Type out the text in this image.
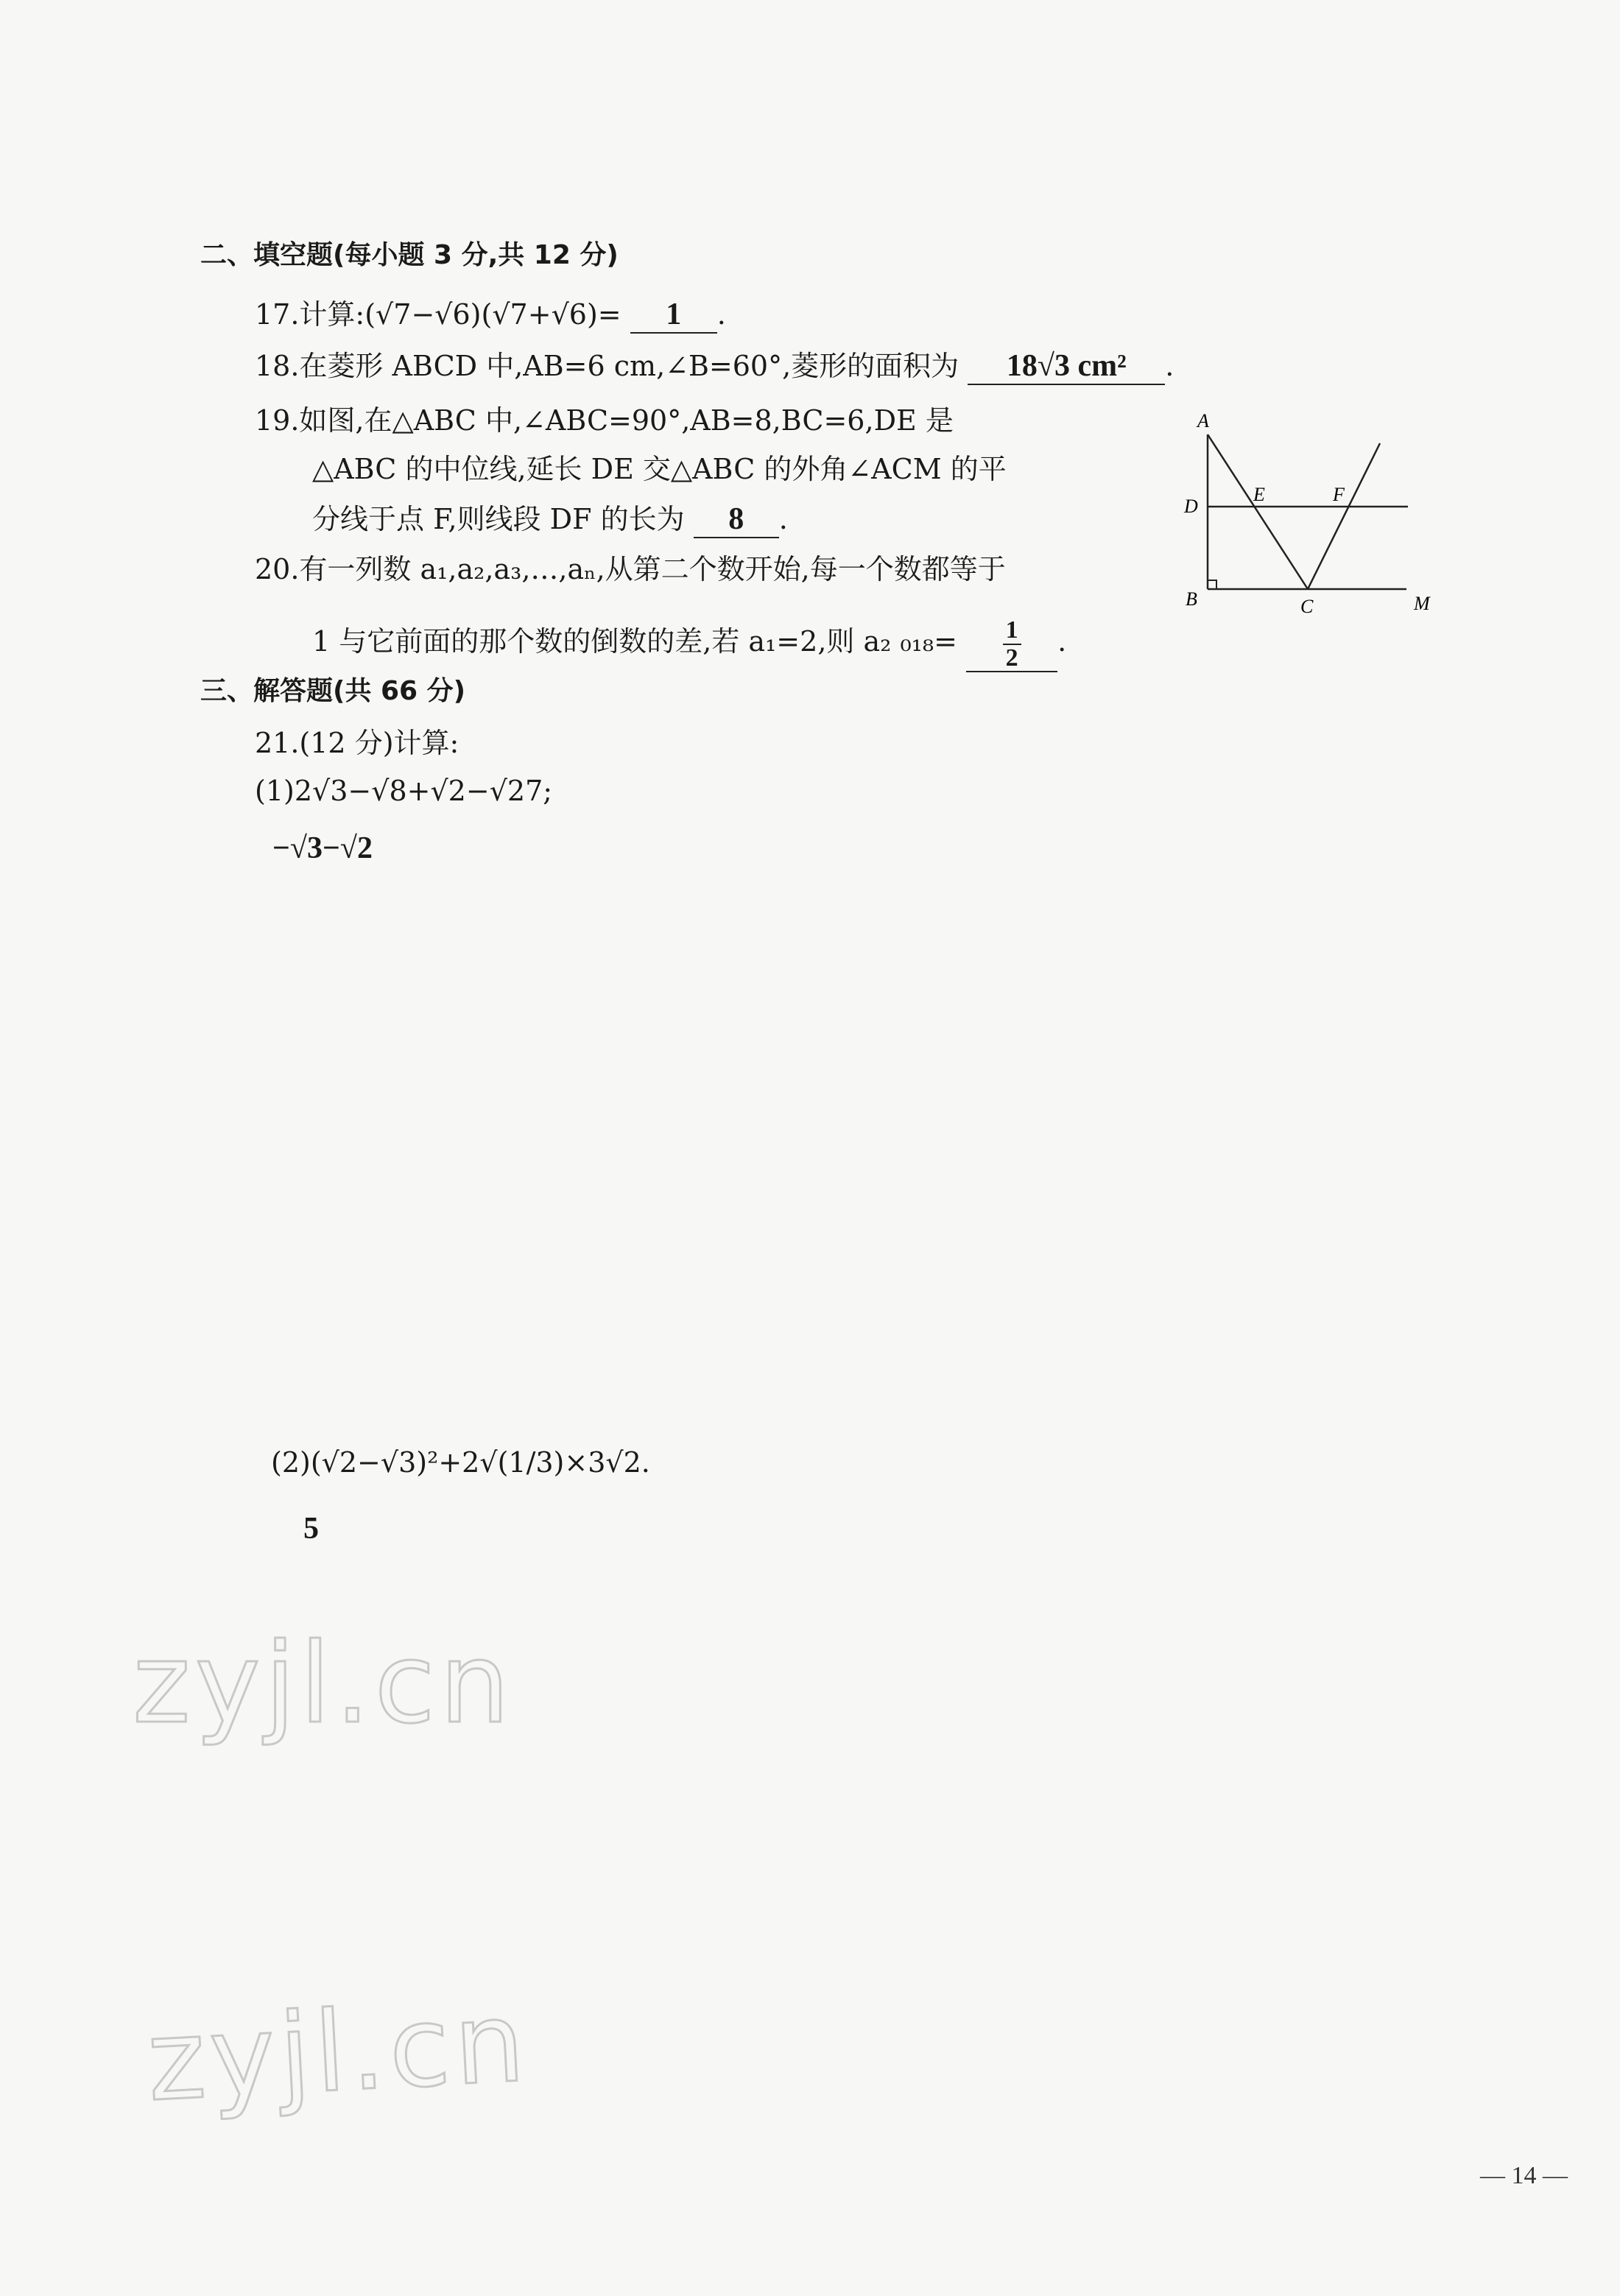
二、填空题(每小题 3 分,共 12 分)
17.计算:(√7−√6)(√7+√6)= 1 .
18.在菱形 ABCD 中,AB=6 cm,∠B=60°,菱形的面积为 18√3 cm² .
19.如图,在△ABC 中,∠ABC=90°,AB=8,BC=6,DE 是
△ABC 的中位线,延长 DE 交△ABC 的外角∠ACM 的平
分线于点 F,则线段 DF 的长为 8 .
20.有一列数 a₁,a₂,a₃,…,aₙ,从第二个数开始,每一个数都等于
1 与它前面的那个数的倒数的差,若 a₁=2,则 a₂ $_{018}= \frac{1}{2}$ .
A
D
E	F
B	C	M
三、解答题(共 66 分)
21.(12 分)计算:
(1)2√3−√8+√2−√27;
−√3−√2
(2)(√2−√3)²+2√(1/3)×3√2.
5
zyjl.cn
zyjl.cn
— 14 —
